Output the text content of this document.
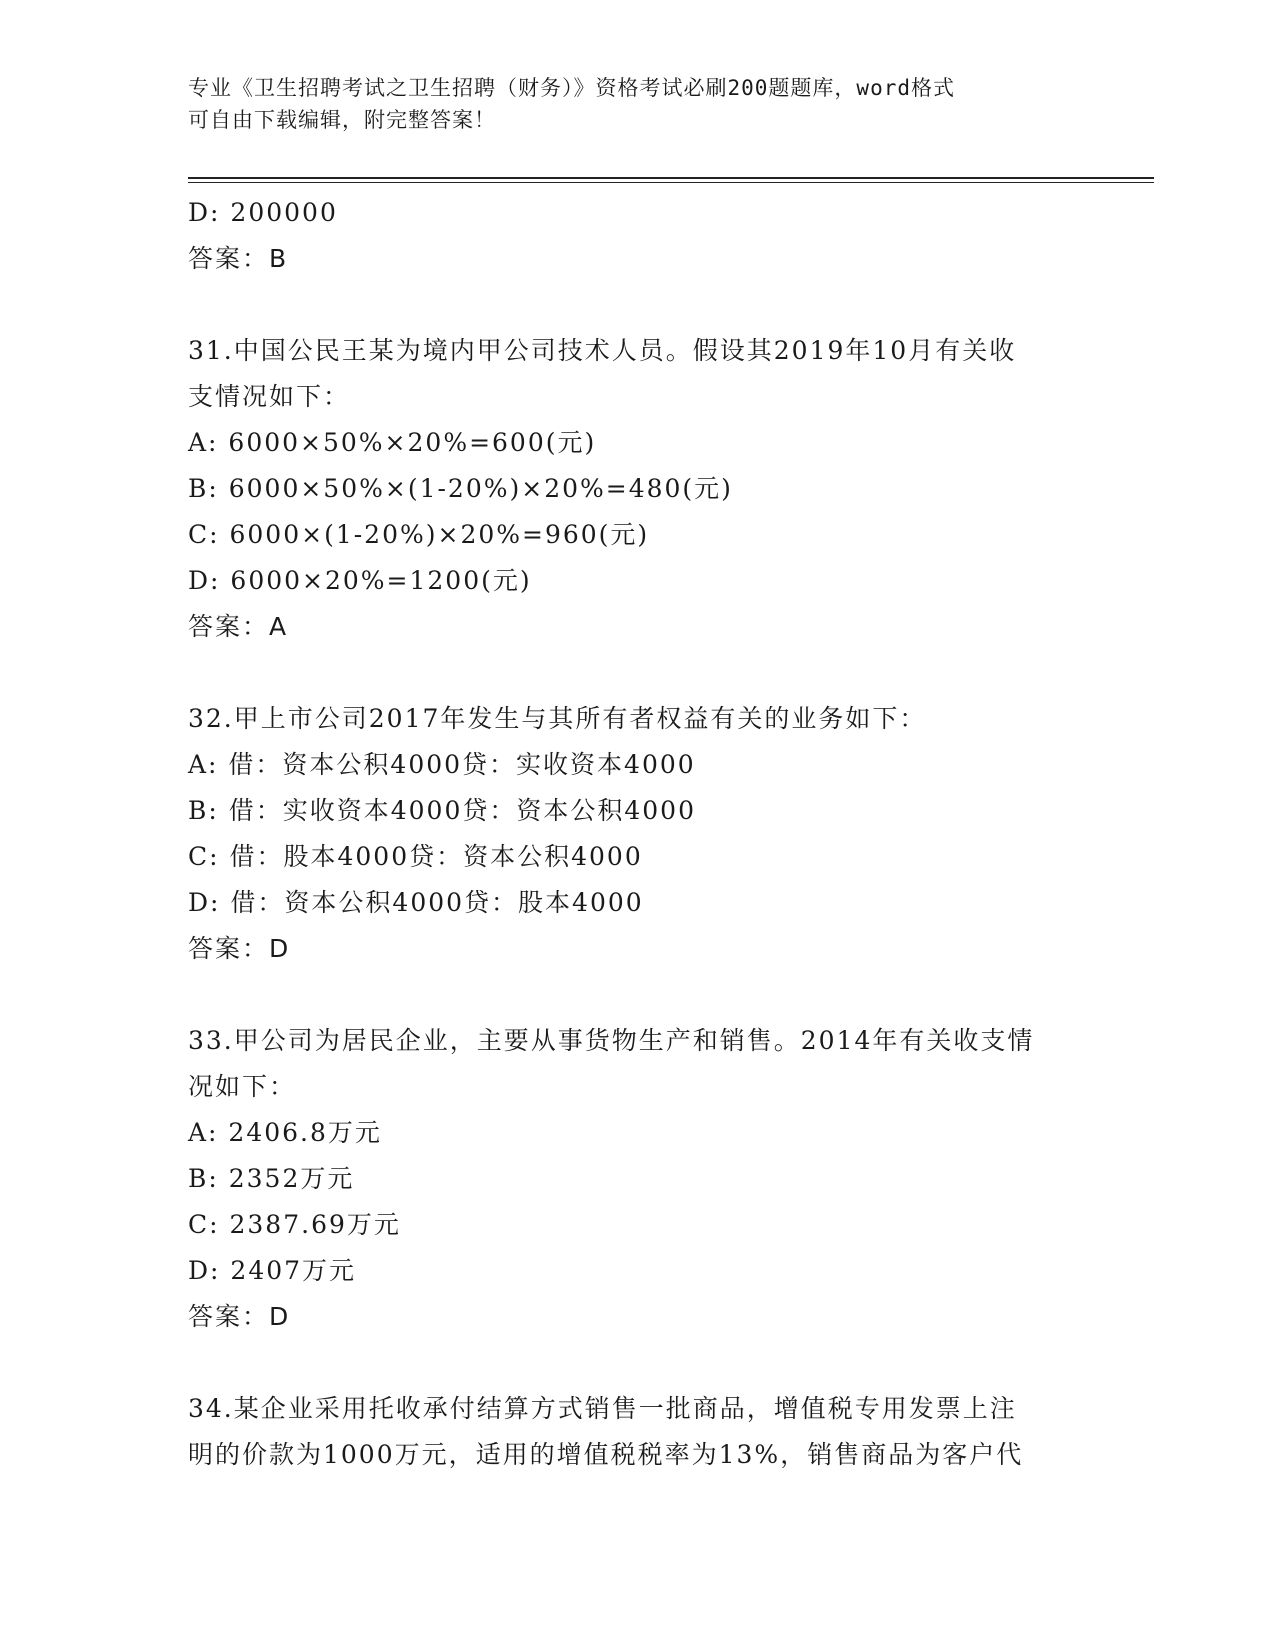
专业《卫生招聘考试之卫生招聘（财务）》资格考试必刷200题题库，word格式
可自由下载编辑，附完整答案！
D: 200000
答案：B
31.中国公民王某为境内甲公司技术人员。假设其2019年10月有关收
支情况如下：
A: 6000×50%×20%=600(元)
B: 6000×50%×(1-20%)×20%=480(元)
C: 6000×(1-20%)×20%=960(元)
D: 6000×20%=1200(元)
答案：A
32.甲上市公司2017年发生与其所有者权益有关的业务如下：
A: 借：资本公积4000贷：实收资本4000
B: 借：实收资本4000贷：资本公积4000
C: 借：股本4000贷：资本公积4000
D: 借：资本公积4000贷：股本4000
答案：D
33.甲公司为居民企业，主要从事货物生产和销售。2014年有关收支情
况如下：
A: 2406.8万元
B: 2352万元
C: 2387.69万元
D: 2407万元
答案：D
34.某企业采用托收承付结算方式销售一批商品，增值税专用发票上注
明的价款为1000万元，适用的增值税税率为13%，销售商品为客户代
